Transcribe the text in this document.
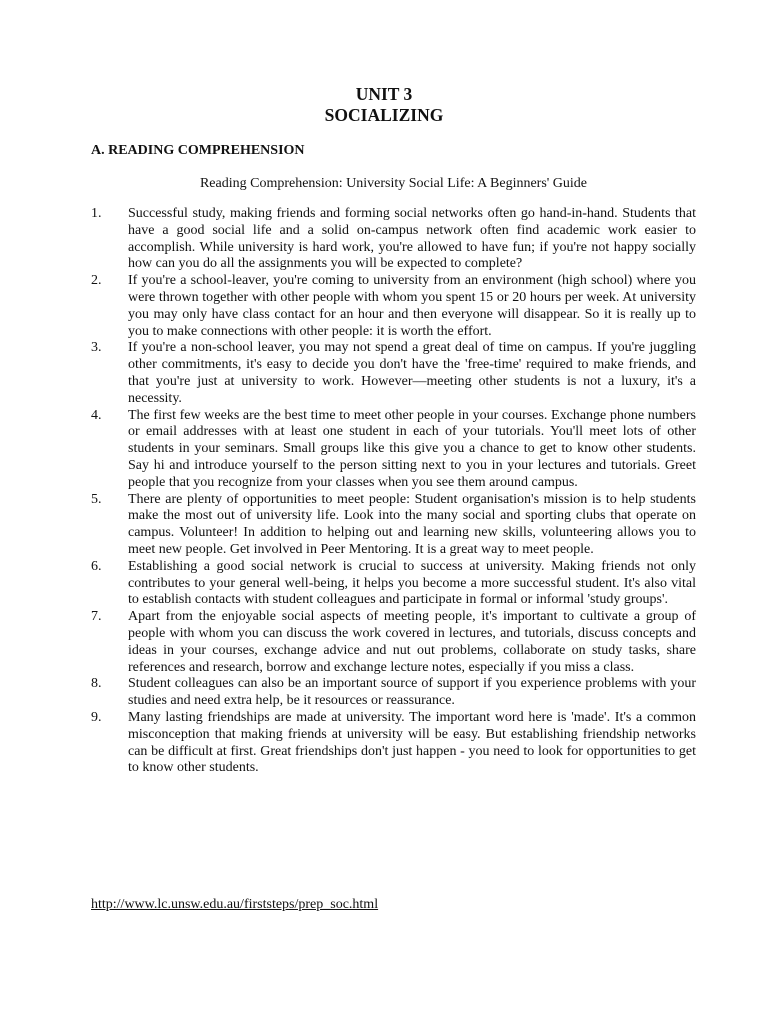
UNIT 3
SOCIALIZING
A. READING COMPREHENSION
Reading Comprehension: University Social Life: A Beginners' Guide
1. Successful study, making friends and forming social networks often go hand-in-hand. Students that have a good social life and a solid on-campus network often find academic work easier to accomplish. While university is hard work, you're allowed to have fun; if you're not happy socially how can you do all the assignments you will be expected to complete?
2. If you're a school-leaver, you're coming to university from an environment (high school) where you were thrown together with other people with whom you spent 15 or 20 hours per week. At university you may only have class contact for an hour and then everyone will disappear. So it is really up to you to make connections with other people: it is worth the effort.
3. If you're a non-school leaver, you may not spend a great deal of time on campus. If you're juggling other commitments, it's easy to decide you don't have the 'free-time' required to make friends, and that you're just at university to work. However—meeting other students is not a luxury, it's a necessity.
4. The first few weeks are the best time to meet other people in your courses. Exchange phone numbers or email addresses with at least one student in each of your tutorials. You'll meet lots of other students in your seminars. Small groups like this give you a chance to get to know other students. Say hi and introduce yourself to the person sitting next to you in your lectures and tutorials. Greet people that you recognize from your classes when you see them around campus.
5. There are plenty of opportunities to meet people: Student organisation's mission is to help students make the most out of university life. Look into the many social and sporting clubs that operate on campus. Volunteer! In addition to helping out and learning new skills, volunteering allows you to meet new people. Get involved in Peer Mentoring. It is a great way to meet people.
6. Establishing a good social network is crucial to success at university. Making friends not only contributes to your general well-being, it helps you become a more successful student. It's also vital to establish contacts with student colleagues and participate in formal or informal 'study groups'.
7. Apart from the enjoyable social aspects of meeting people, it's important to cultivate a group of people with whom you can discuss the work covered in lectures, and tutorials, discuss concepts and ideas in your courses, exchange advice and nut out problems, collaborate on study tasks, share references and research, borrow and exchange lecture notes, especially if you miss a class.
8. Student colleagues can also be an important source of support if you experience problems with your studies and need extra help, be it resources or reassurance.
9. Many lasting friendships are made at university. The important word here is 'made'. It's a common misconception that making friends at university will be easy. But establishing friendship networks can be difficult at first. Great friendships don't just happen - you need to look for opportunities to get to know other students.
http://www.lc.unsw.edu.au/firststeps/prep_soc.html
